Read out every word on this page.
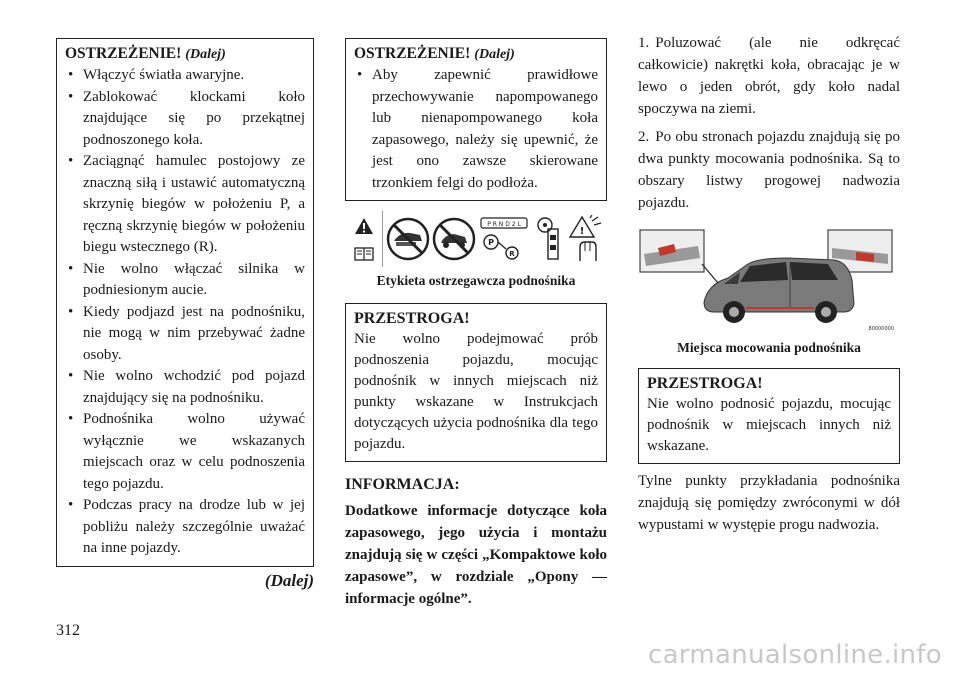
OSTRZEŻENIE! (Dalej)
• Włączyć światła awaryjne.
• Zablokować klockami koło znajdujące się po przekątnej podnoszonego koła.
• Zaciągnąć hamulec postojowy ze znaczną siłą i ustawić automatyczną skrzynię biegów w położeniu P, a ręczną skrzynię biegów w położeniu biegu wstecznego (R).
• Nie wolno włączać silnika w podniesionym aucie.
• Kiedy podjazd jest na podnośniku, nie mogą w nim przebywać żadne osoby.
• Nie wolno wchodzić pod pojazd znajdujący się na podnośniku.
• Podnośnika wolno używać wyłącznie we wskazanych miejscach oraz w celu podnoszenia tego pojazdu.
• Podczas pracy na drodze lub w jej pobliżu należy szczególnie uważać na inne pojazdy.
(Dalej)
OSTRZEŻENIE! (Dalej)
• Aby zapewnić prawidłowe przechowywanie napompowanego lub nienapompowanego koła zapasowego, należy się upewnić, że jest ono zawsze skierowane trzonkiem felgi do podłoża.
P R N D 2 L
P
R
!
Etykieta ostrzegawcza podnośnika
PRZESTROGA!
Nie wolno podejmować prób podnoszenia pojazdu, mocując podnośnik w innych miejscach niż punkty wskazane w Instrukcjach dotyczących użycia podnośnika dla tego pojazdu.
INFORMACJA:
Dodatkowe informacje dotyczące koła zapasowego, jego użycia i montażu znajdują się w części „Kompaktowe koło zapasowe”, w rozdziale „Opony — informacje ogólne”.

1. Poluzować (ale nie odkręcać całkowicie) nakrętki koła, obracając je w lewo o jeden obrót, gdy koło nadal spoczywa na ziemi.

2. Po obu stronach pojazdu znajdują się po dwa punkty mocowania podnośnika. Są to obszary listwy progowej nadwozia pojazdu.

80000000
Miejsca mocowania podnośnika
PRZESTROGA!
Nie wolno podnosić pojazdu, mocując podnośnik w miejscach innych niż wskazane.

Tylne punkty przykładania podnośnika znajdują się pomiędzy zwróconymi w dół wypustami w występie progu nadwozia.

312
carmanualsonline.info
